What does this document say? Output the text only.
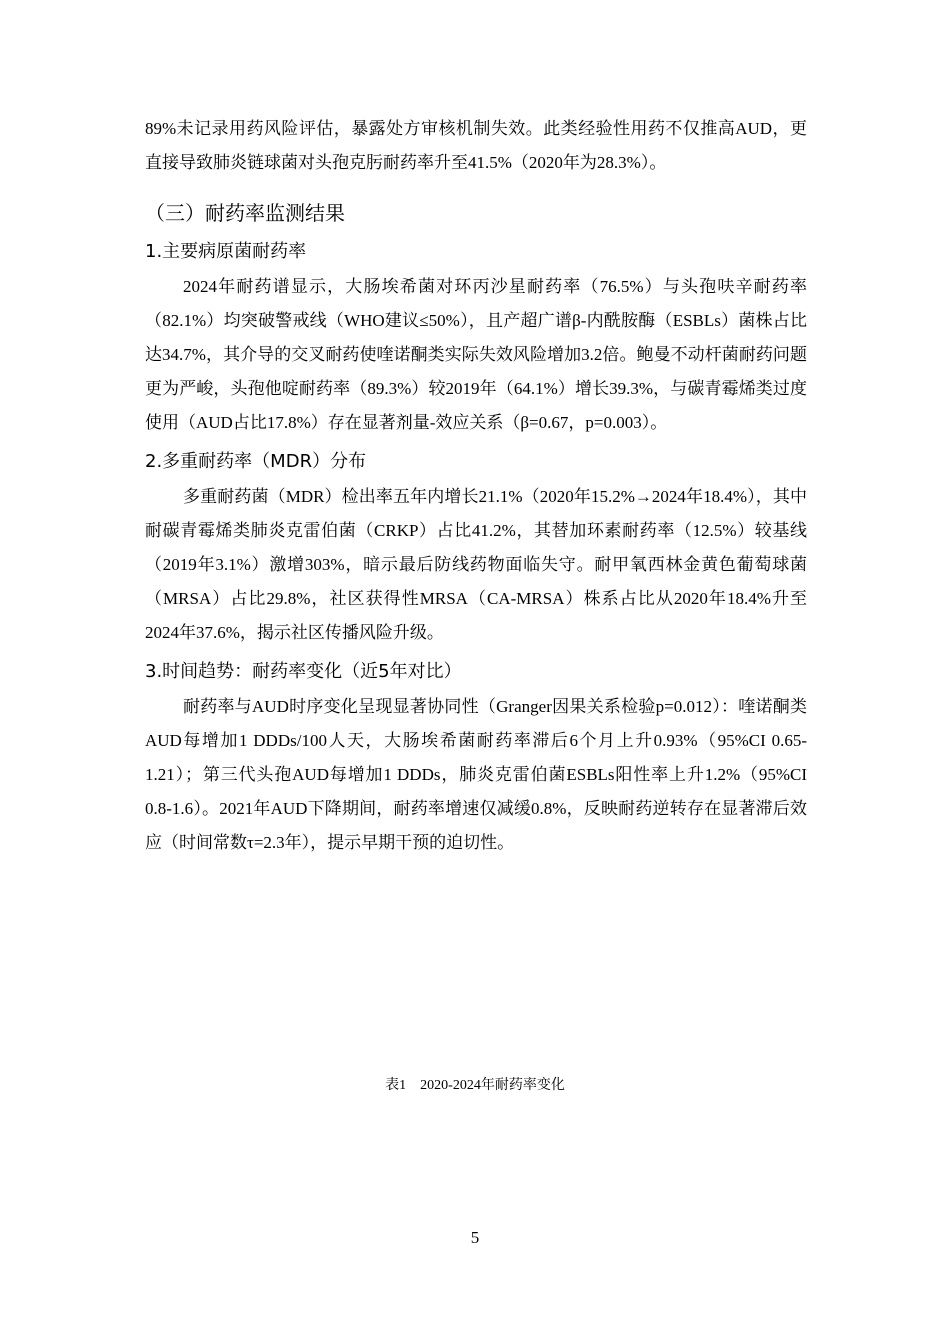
89%未记录用药风险评估，暴露处方审核机制失效。此类经验性用药不仅推高AUD，更直接导致肺炎链球菌对头孢克肟耐药率升至41.5%（2020年为28.3%）。

（三）耐药率监测结果
1.主要病原菌耐药率

2024年耐药谱显示，大肠埃希菌对环丙沙星耐药率（76.5%）与头孢呋辛耐药率（82.1%）均突破警戒线（WHO建议≤50%），且产超广谱β-内酰胺酶（ESBLs）菌株占比达34.7%，其介导的交叉耐药使喹诺酮类实际失效风险增加3.2倍。鲍曼不动杆菌耐药问题更为严峻，头孢他啶耐药率（89.3%）较2019年（64.1%）增长39.3%，与碳青霉烯类过度使用（AUD占比17.8%）存在显著剂量-效应关系（β=0.67，p=0.003）。

2.多重耐药率（MDR）分布

多重耐药菌（MDR）检出率五年内增长21.1%（2020年15.2%→2024年18.4%），其中耐碳青霉烯类肺炎克雷伯菌（CRKP）占比41.2%，其替加环素耐药率（12.5%）较基线（2019年3.1%）激增303%，暗示最后防线药物面临失守。耐甲氧西林金黄色葡萄球菌（MRSA）占比29.8%，社区获得性MRSA（CA-MRSA）株系占比从2020年18.4%升至2024年37.6%，揭示社区传播风险升级。

3.时间趋势：耐药率变化（近5年对比）

耐药率与AUD时序变化呈现显著协同性（Granger因果关系检验p=0.012）：喹诺酮类AUD每增加1 DDDs/100人天，大肠埃希菌耐药率滞后6个月上升0.93%（95%CI 0.65-1.21）；第三代头孢AUD每增加1 DDDs，肺炎克雷伯菌ESBLs阳性率上升1.2%（95%CI 0.8-1.6）。2021年AUD下降期间，耐药率增速仅减缓0.8%，反映耐药逆转存在显著滞后效应（时间常数τ=2.3年），提示早期干预的迫切性。

表1　2020-2024年耐药率变化
5
